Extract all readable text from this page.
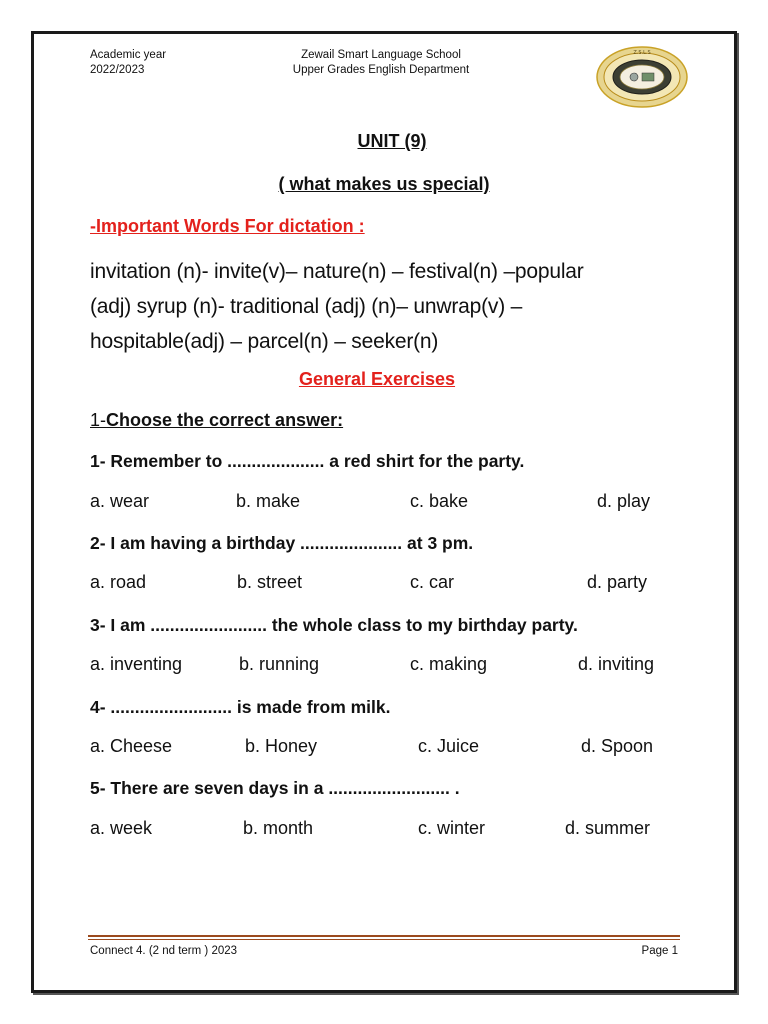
Academic year
2022/2023
Zewail Smart Language School
Upper Grades English Department
Z.S.L.S
UNIT (9)
( what makes us special)
-Important Words For dictation :
invitation (n)- invite(v)– nature(n) – festival(n) –popular
(adj) syrup (n)- traditional (adj) (n)– unwrap(v) –
hospitable(adj) – parcel(n) – seeker(n)
General Exercises
1-Choose the correct answer:
1- Remember to .................... a red shirt for the party.
a. wear	b. make	c. bake	d. play
2- I am having a birthday ..................... at 3 pm.
a. road	b. street	c. car	d. party
3- I am ........................ the whole class to my birthday party.
a. inventing	b. running	c. making	d. inviting
4- ......................... is made from milk.
a. Cheese	b. Honey	c. Juice	d. Spoon
5- There are seven days in a ......................... .
a. week	b. month	c. winter	d. summer
Connect 4. (2 nd term ) 2023	Page 1
